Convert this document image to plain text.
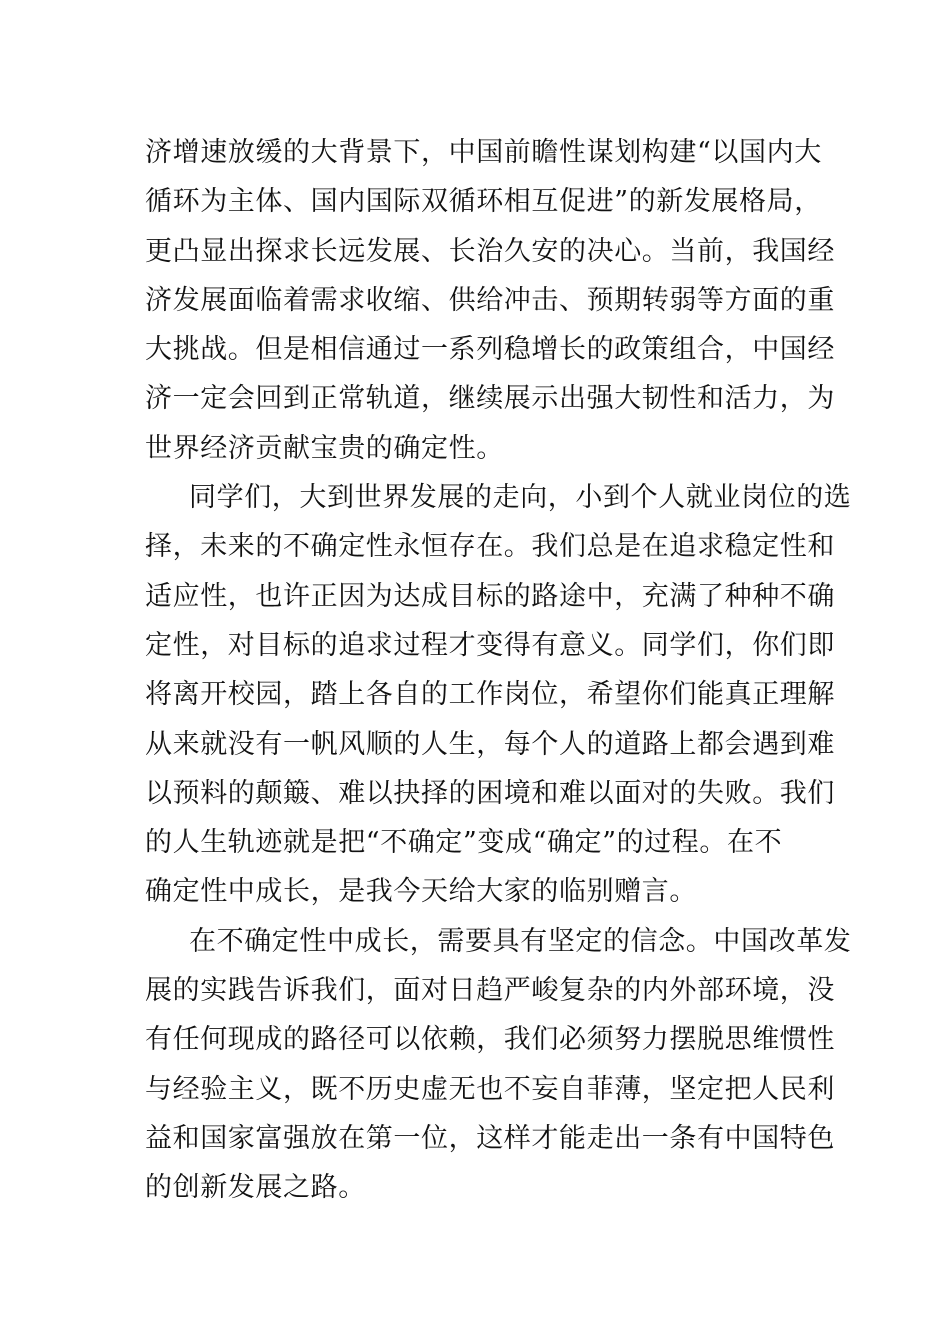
济增速放缓的大背景下，中国前瞻性谋划构建“以国内大
循环为主体、国内国际双循环相互促进”的新发展格局，
更凸显出探求长远发展、长治久安的决心。当前，我国经
济发展面临着需求收缩、供给冲击、预期转弱等方面的重
大挑战。但是相信通过一系列稳增长的政策组合，中国经
济一定会回到正常轨道，继续展示出强大韧性和活力，为
世界经济贡献宝贵的确定性。
同学们，大到世界发展的走向，小到个人就业岗位的选
择，未来的不确定性永恒存在。我们总是在追求稳定性和
适应性，也许正因为达成目标的路途中，充满了种种不确
定性，对目标的追求过程才变得有意义。同学们，你们即
将离开校园，踏上各自的工作岗位，希望你们能真正理解
从来就没有一帆风顺的人生，每个人的道路上都会遇到难
以预料的颠簸、难以抉择的困境和难以面对的失败。我们
的人生轨迹就是把“不确定”变成“确定”的过程。在不
确定性中成长，是我今天给大家的临别赠言。
在不确定性中成长，需要具有坚定的信念。中国改革发
展的实践告诉我们，面对日趋严峻复杂的内外部环境，没
有任何现成的路径可以依赖，我们必须努力摆脱思维惯性
与经验主义，既不历史虚无也不妄自菲薄，坚定把人民利
益和国家富强放在第一位，这样才能走出一条有中国特色
的创新发展之路。
